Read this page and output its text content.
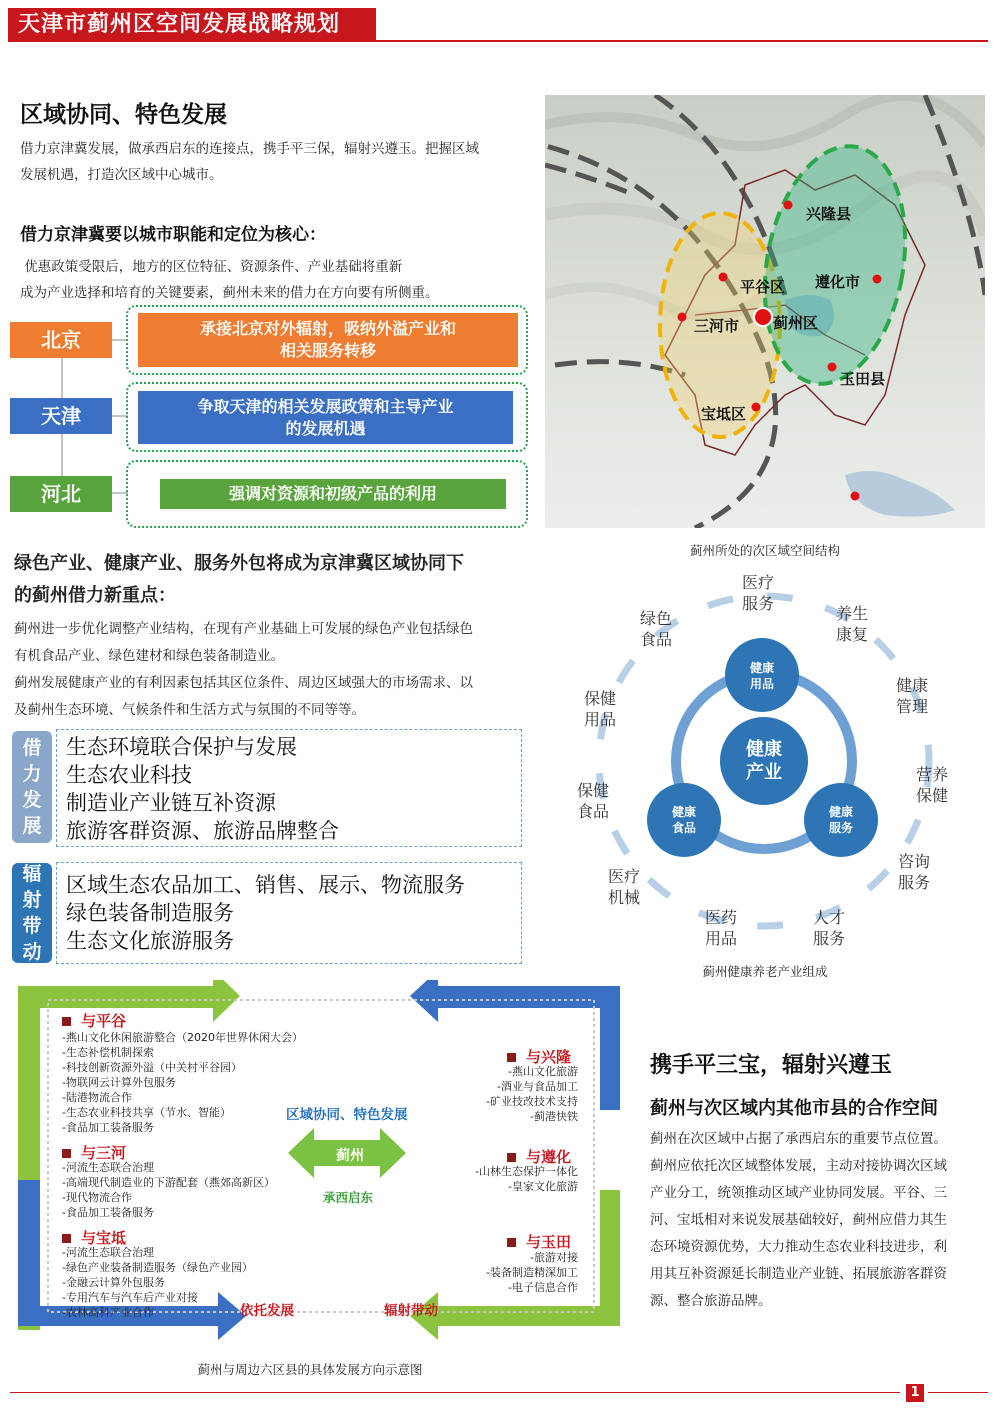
天津市蓟州区空间发展战略规划
区域协同、特色发展
借力京津冀发展，做承西启东的连接点，携手平三保，辐射兴遵玉。把握区域
发展机遇，打造次区域中心城市。
借力京津冀要以城市职能和定位为核心：
优惠政策受限后，地方的区位特征、资源条件、产业基础将重新
成为产业选择和培育的关键要素，蓟州未来的借力在方向要有所侧重。
北京	承接北京对外辐射，吸纳外溢产业和
相关服务转移
天津	争取天津的相关发展政策和主导产业
的发展机遇
河北	强调对资源和初级产品的利用
兴隆县
平谷区 遵化市
三河市 蓟州区
玉田县
宝坻区
蓟州所处的次区域空间结构
绿色产业、健康产业、服务外包将成为京津冀区域协同下
的蓟州借力新重点：
蓟州进一步优化调整产业结构，在现有产业基础上可发展的绿色产业包括绿色
有机食品产业、绿色建材和绿色装备制造业。
蓟州发展健康产业的有利因素包括其区位条件、周边区域强大的市场需求、以
及蓟州生态环境、气候条件和生活方式与氛围的不同等等。
借
力
发
展
生态环境联合保护与发展
生态农业科技
制造业产业链互补资源
旅游客群资源、旅游品牌整合
辐
射
带
动
区域生态农品加工、销售、展示、物流服务
绿色装备制造服务
生态文化旅游服务
健康
产业
健康
用品
健康
食品
健康
服务
医疗
服务
养生
康复
健康
管理
营养
保健
咨询
服务
人才
服务
医药
用品
医疗
机械
保健
食品
保健
用品
绿色
食品
蓟州健康养老产业组成
与平谷
-燕山文化休闲旅游整合（2020年世界休闲大会）
-生态补偿机制探索
-科技创新资源外溢（中关村平谷园）
-物联网云计算外包服务
-陆港物流合作
-生态农业科技共享（节水、智能）
-食品加工装备服务
与三河
-河流生态联合治理
-高端现代制造业的下游配套（燕郊高新区）
-现代物流合作
-食品加工装备服务
与宝坻
-河流生态联合治理
-绿色产业装备制造服务（绿色产业园）
-金融云计算外包服务
-专用汽车与汽车后产业对接
-农林高科产业合作
与兴隆
-燕山文化旅游
-酒业与食品加工
-矿业技改技术支持
-蓟港快铁
与遵化
-山林生态保护一体化
-皇家文化旅游
与玉田
-旅游对接
-装备制造精深加工
-电子信息合作
区域协同、特色发展
蓟州
承西启东
依托发展	辐射带动
蓟州与周边六区县的具体发展方向示意图
携手平三宝，辐射兴遵玉
蓟州与次区域内其他市县的合作空间
蓟州在次区域中占据了承西启东的重要节点位置。
蓟州应依托次区域整体发展，主动对接协调次区域
产业分工，统领推动区域产业协同发展。平谷、三
河、宝坻相对来说发展基础较好，蓟州应借力其生
态环境资源优势，大力推动生态农业科技进步，利
用其互补资源延长制造业产业链、拓展旅游客群资
源、整合旅游品牌。
1
